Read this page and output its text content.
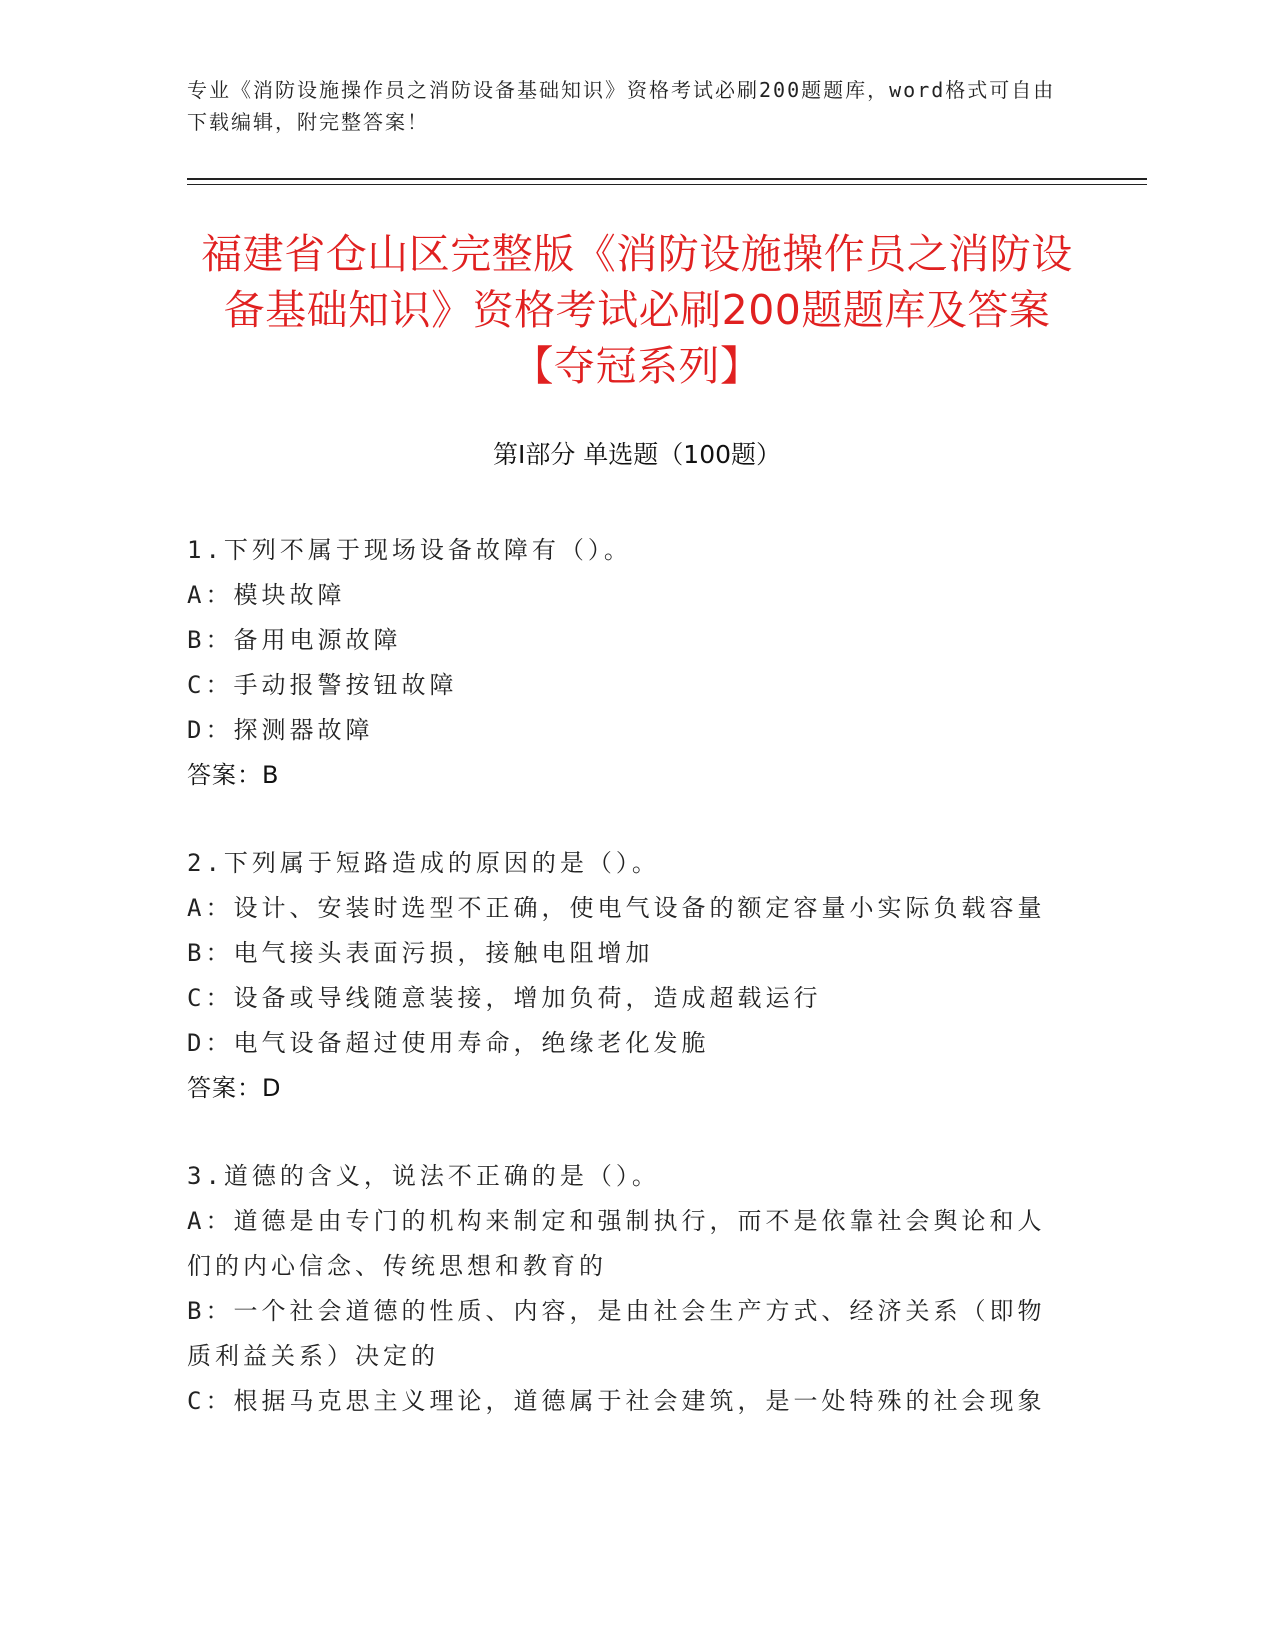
专业《消防设施操作员之消防设备基础知识》资格考试必刷200题题库，word格式可自由下载编辑，附完整答案！
福建省仓山区完整版《消防设施操作员之消防设备基础知识》资格考试必刷200题题库及答案【夺冠系列】
第Ⅰ部分 单选题（100题）
1.下列不属于现场设备故障有（）。
A：模块故障
B：备用电源故障
C：手动报警按钮故障
D：探测器故障
答案：B
2.下列属于短路造成的原因的是（）。
A：设计、安装时选型不正确，使电气设备的额定容量小实际负载容量
B：电气接头表面污损，接触电阻增加
C：设备或导线随意装接，增加负荷，造成超载运行
D：电气设备超过使用寿命，绝缘老化发脆
答案：D
3.道德的含义，说法不正确的是（）。
A：道德是由专门的机构来制定和强制执行，而不是依靠社会舆论和人们的内心信念、传统思想和教育的
B：一个社会道德的性质、内容，是由社会生产方式、经济关系（即物质利益关系）决定的
C：根据马克思主义理论，道德属于社会建筑，是一处特殊的社会现象
